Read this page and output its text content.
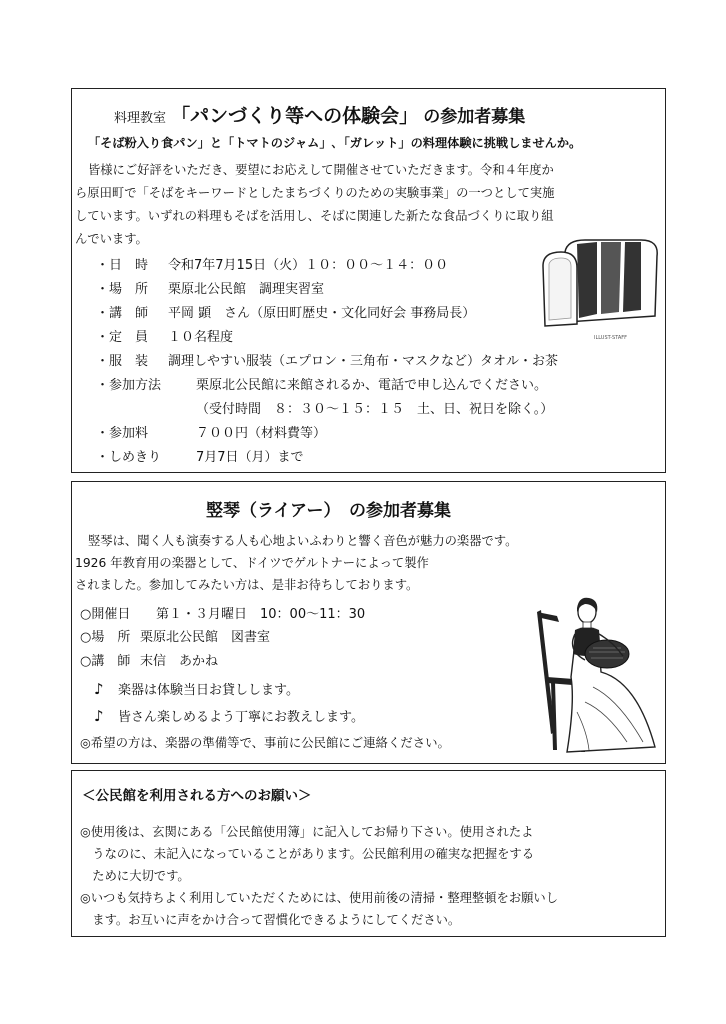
料理教室 「パンづくり等への体験会」 の参加者募集
「そば粉入り食パン」と「トマトのジャム」､「ガレット」の料理体験に挑戦しませんか。
皆様にご好評をいただき、要望にお応えして開催させていただきます。令和４年度か
ら原田町で「そばをキーワードとしたまちづくりのための実験事業」の一つとして実施
しています。いずれの料理もそばを活用し、そばに関連した新たな食品づくりに取り組
んでいます。
・日　時 令和7年7月15日（火）１０：００～１４：００
・場　所 栗原北公民館　調理実習室
・講　師 平岡 顕　さん（原田町歴史・文化同好会 事務局長）
・定　員 １０名程度
・服　装 調理しやすい服装（エプロン・三角布・マスクなど）タオル・お茶
・参加方法	栗原北公民館に来館されるか、電話で申し込んでください。
（受付時間　８：３０～１５：１５　土、日、祝日を除く。）
・参加料	７００円（材料費等）
・しめきり	7月7日（月）まで
ILLUST-STAFF
竪琴（ライアー）　の参加者募集
竪琴は、聞く人も演奏する人も心地よいふわりと響く音色が魅力の楽器です。
1926 年教育用の楽器として、ドイツでゲルトナーによって製作
されました。参加してみたい方は、是非お待ちしております。
○開催日 第１・３月曜日　10：00～11：30
○場　所 栗原北公民館　図書室
○講　師 末信　あかね
♪ 楽器は体験当日お貸しします。
♪ 皆さん楽しめるよう丁寧にお教えします。
◎希望の方は、楽器の準備等で、事前に公民館にご連絡ください。
＜公民館を利用される方へのお願い＞
◎使用後は、玄関にある「公民館使用簿」に記入してお帰り下さい。使用されたよ
　うなのに、未記入になっていることがあります。公民館利用の確実な把握をする
　ために大切です。
◎いつも気持ちよく利用していただくためには、使用前後の清掃・整理整頓をお願いし
　ます。お互いに声をかけ合って習慣化できるようにしてください。
